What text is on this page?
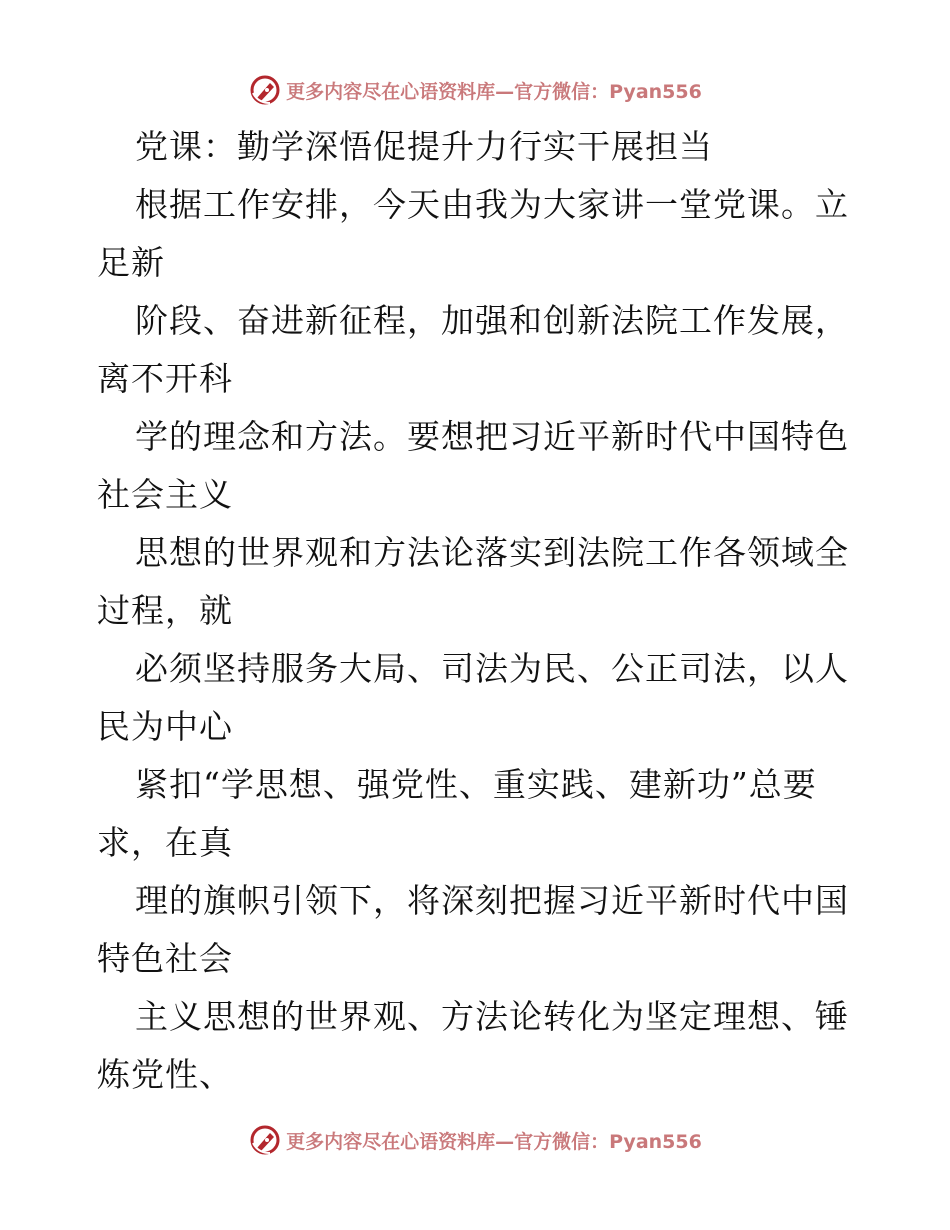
更多内容尽在心语资料库—官方微信：Pyan556
党课：勤学深悟促提升力行实干展担当
根据工作安排，今天由我为大家讲一堂党课。立
足新
阶段、奋进新征程，加强和创新法院工作发展，
离不开科
学的理念和方法。要想把习近平新时代中国特色
社会主义
思想的世界观和方法论落实到法院工作各领域全
过程，就
必须坚持服务大局、司法为民、公正司法，以人
民为中心
紧扣“学思想、强党性、重实践、建新功”总要
求，在真
理的旗帜引领下，将深刻把握习近平新时代中国
特色社会
主义思想的世界观、方法论转化为坚定理想、锤
炼党性、
更多内容尽在心语资料库—官方微信：Pyan556
